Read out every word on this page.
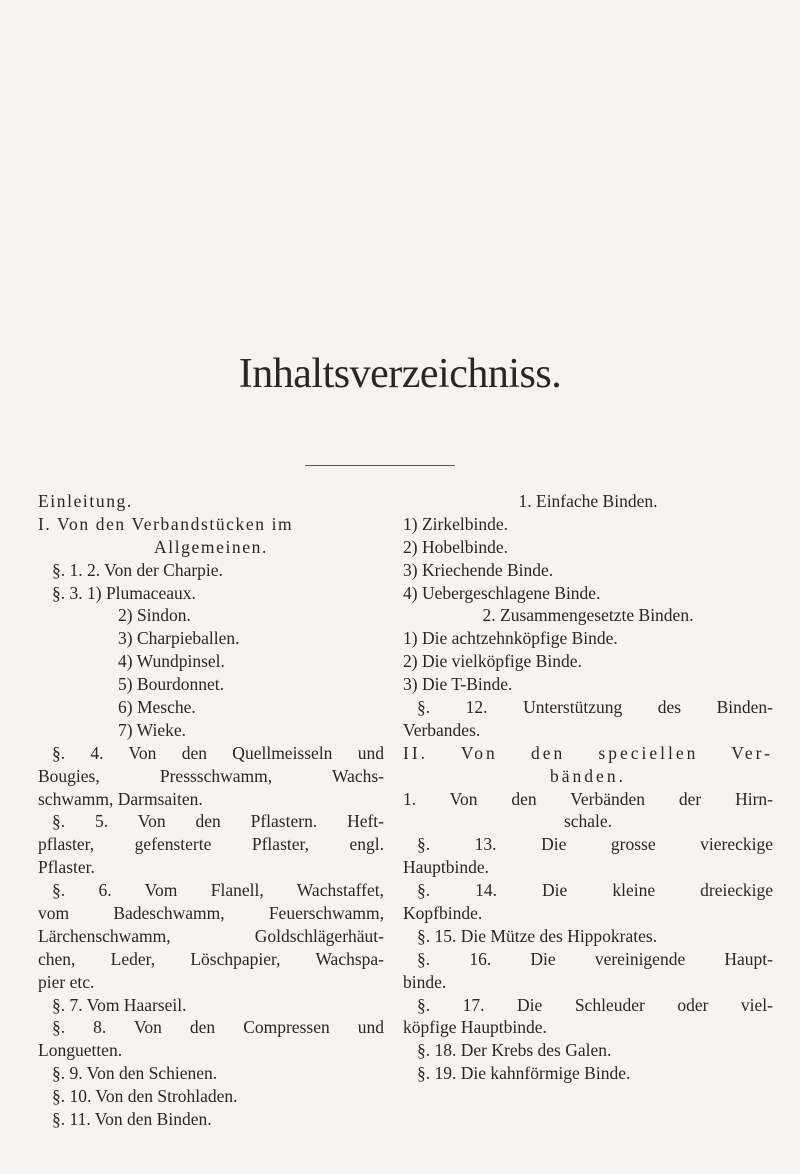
Inhaltsverzeichniss.
Einleitung.
I. Von den Verbandstücken im
Allgemeinen.
§. 1. 2. Von der Charpie.
§. 3. 1) Plumaceaux.
2) Sindon.
3) Charpieballen.
4) Wundpinsel.
5) Bourdonnet.
6) Mesche.
7) Wieke.
§. 4. Von den Quellmeisseln und
Bougies, Pressschwamm, Wachs-
schwamm, Darmsaiten.
§. 5. Von den Pflastern. Heft-
pflaster, gefensterte Pflaster, engl.
Pflaster.
§. 6. Vom Flanell, Wachstaffet,
vom Badeschwamm, Feuerschwamm,
Lärchenschwamm, Goldschlägerhäut-
chen, Leder, Löschpapier, Wachspa-
pier etc.
§. 7. Vom Haarseil.
§. 8. Von den Compressen und
Longuetten.
§. 9. Von den Schienen.
§. 10. Von den Strohladen.
§. 11. Von den Binden.
1. Einfache Binden.
1) Zirkelbinde.
2) Hobelbinde.
3) Kriechende Binde.
4) Uebergeschlagene Binde.
2. Zusammengesetzte Binden.
1) Die achtzehnköpfige Binde.
2) Die vielköpfige Binde.
3) Die T-Binde.
§. 12. Unterstützung des Binden-
Verbandes.
II. Von den speciellen Ver-
bänden.
1. Von den Verbänden der Hirn-
schale.
§. 13. Die grosse viereckige
Hauptbinde.
§. 14. Die kleine dreieckige
Kopfbinde.
§. 15. Die Mütze des Hippokrates.
§. 16. Die vereinigende Haupt-
binde.
§. 17. Die Schleuder oder viel-
köpfige Hauptbinde.
§. 18. Der Krebs des Galen.
§. 19. Die kahnförmige Binde.
